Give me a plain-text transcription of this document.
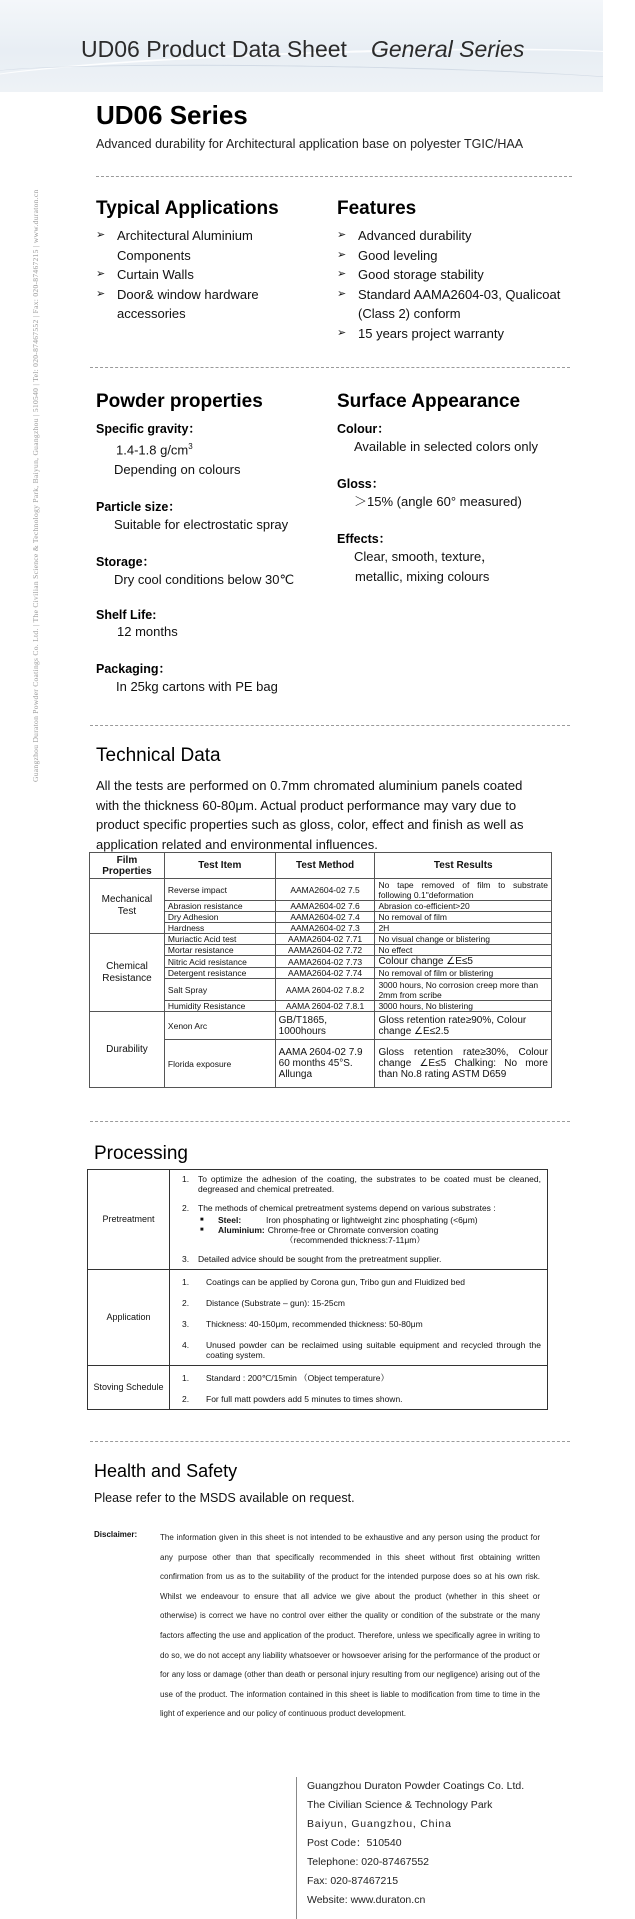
UD06 Product Data Sheet General Series
Guangzhou Duraton Powder Coatings Co. Ltd. | The Civilian Science & Technology Park, Baiyun, Guangzhou | 510540 | Tel: 020-87467552 | Fax: 020-87467215 | www.duraton.cn
UD06 Series
Advanced durability for Architectural application base on polyester TGIC/HAA
Typical Applications
➢ Architectural Aluminium Components
➢ Curtain Walls
➢ Door& window hardware accessories
Features
➢ Advanced durability
➢ Good leveling
➢ Good storage stability
➢ Standard AAMA2604-03, Qualicoat (Class 2) conform
➢ 15 years project warranty
Powder properties
Specific gravity：
1.4-1.8 $g/cm^3$
Depending on colours
Particle size：
Suitable for electrostatic spray
Storage：
Dry cool conditions below 30℃
Shelf Life:
12 months
Packaging：
In 25kg cartons with PE bag
Surface Appearance
Colour：
Available in selected colors only
Gloss：
＞15% (angle 60° measured)
Effects：
Clear, smooth, texture，
metallic, mixing colours
Technical Data
All the tests are performed on 0.7mm chromated aluminium panels coated with the thickness 60-80μm. Actual product performance may vary due to product specific properties such as gloss, color, effect and finish as well as application related and environmental influences.
Film Properties	Test Item	Test Method	Test Results
Mechanical Test	Reverse impact	AAMA2604-02 7.5	No tape removed of film to substrate following 0.1"deformation
	Abrasion resistance	AAMA2604-02 7.6	Abrasion co-efficient>20
	Dry Adhesion	AAMA2604-02 7.4	No removal of film
	Hardness	AAMA2604-02 7.3	2H
Chemical Resistance	Muriactic Acid test	AAMA2604-02 7.71	No visual change or blistering
	Mortar resistance	AAMA2604-02 7.72	No effect
	Nitric Acid resistance	AAMA2604-02 7.73	Colour change ∠E≤5
	Detergent resistance	AAMA2604-02 7.74	No removal of film or blistering
	Salt Spray	AAMA 2604-02 7.8.2	3000 hours, No corrosion creep more than 2mm from scribe
	Humidity Resistance	AAMA 2604-02 7.8.1	3000 hours, No blistering
Durability	Xenon Arc	GB/T1865, 1000hours	Gloss retention rate≥90%, Colour change ∠E≤2.5
	Florida exposure	AAMA 2604-02 7.9 60 months 45°S. Allunga	Gloss retention rate≥30%, Colour change ∠E≤5 Chalking: No more than No.8 rating ASTM D659
Processing
Pretreatment	
1. To optimize the adhesion of the coating, the substrates to be coated must be cleaned, degreased and chemical pretreated.
2. The methods of chemical pretreatment systems depend on various substrates :
■ Steel:	Iron phosphating or lightweight zinc phosphating (<6μm)
■ Aluminium: Chrome-free or Chromate conversion coating
（recommended thickness:7-11μm）
3. Detailed advice should be sought from the pretreatment supplier.

Application	
1. Coatings can be applied by Corona gun, Tribo gun and Fluidized bed
2. Distance (Substrate – gun): 15-25cm
3. Thickness: 40-150μm, recommended thickness: 50-80μm
4. Unused powder can be reclaimed using suitable equipment and recycled through the coating system.

Stoving Schedule	
1. Standard : 200℃/15min （Object temperature）
2. For full matt powders add 5 minutes to times shown.
Health and Safety
Please refer to the MSDS available on request.
Disclaimer:	The information given in this sheet is not intended to be exhaustive and any person using the product for any purpose other than that specifically recommended in this sheet without first obtaining written confirmation from us as to the suitability of the product for the intended purpose does so at his own risk. Whilst we endeavour to ensure that all advice we give about the product (whether in this sheet or otherwise) is correct we have no control over either the quality or condition of the substrate or the many factors affecting the use and application of the product. Therefore, unless we specifically agree in writing to do so, we do not accept any liability whatsoever or howsoever arising for the performance of the product or for any loss or damage (other than death or personal injury resulting from our negligence) arising out of the use of the product. The information contained in this sheet is liable to modification from time to time in the light of experience and our policy of continuous product development.
Guangzhou Duraton Powder Coatings Co. Ltd.
The Civilian Science & Technology Park
Baiyun, Guangzhou, China
Post Code：510540
Telephone: 020-87467552
Fax: 020-87467215
Website: www.duraton.cn
